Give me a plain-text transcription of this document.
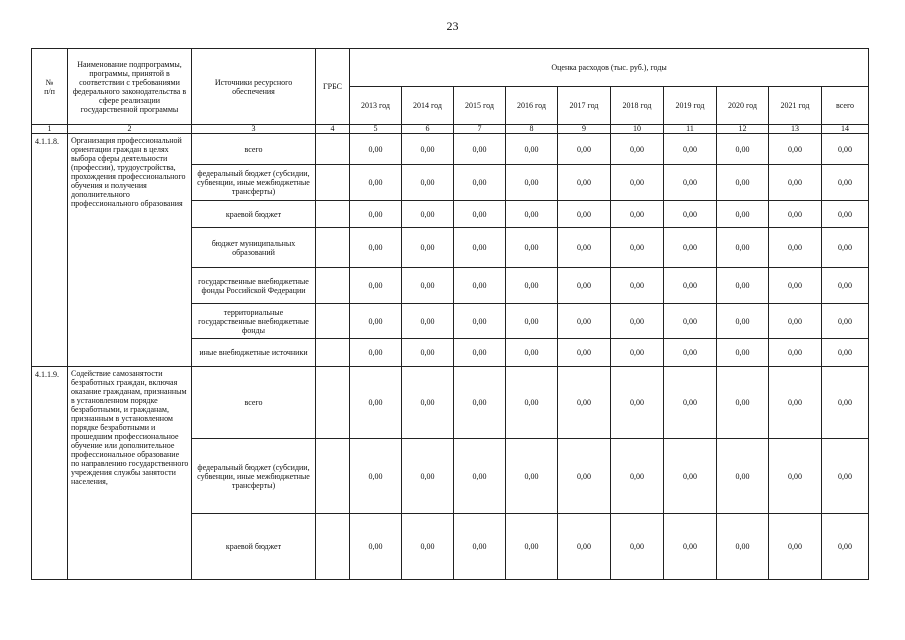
23
№
п/п	Наименование подпрограммы, программы, принятой в соответствии с требованиями федерального законодательства в сфере реализации государственной программы	Источники ресурсного обеспечения	ГРБС	Оценка расходов (тыс. руб.), годы									
				2013 год	2014 год	2015 год	2016 год	2017 год	2018 год	2019 год	2020 год	2021 год	всего
1	2	3	4	5	6	7	8	9	10	11	12	13	14
4.1.1.8.	Организация профессиональной ориентации граждан в целях выбора сферы деятельности (профессии), трудоустройства, прохождения профессионального обучения и получения дополнительного профессионального образования	всего		0,00	0,00	0,00	0,00	0,00	0,00	0,00	0,00	0,00	0,00
		федеральный бюджет (субсидии, субвенции, иные межбюджетные трансферты)		0,00	0,00	0,00	0,00	0,00	0,00	0,00	0,00	0,00	0,00
		краевой бюджет		0,00	0,00	0,00	0,00	0,00	0,00	0,00	0,00	0,00	0,00
		бюджет муниципальных образований		0,00	0,00	0,00	0,00	0,00	0,00	0,00	0,00	0,00	0,00
		государственные внебюджетные фонды Российской Федерации		0,00	0,00	0,00	0,00	0,00	0,00	0,00	0,00	0,00	0,00
		территориальные государственные внебюджетные фонды		0,00	0,00	0,00	0,00	0,00	0,00	0,00	0,00	0,00	0,00
		иные внебюджетные источники		0,00	0,00	0,00	0,00	0,00	0,00	0,00	0,00	0,00	0,00
4.1.1.9.	Содействие самозанятости безработных граждан, включая оказание гражданам, признанным в установленном порядке безработными, и гражданам, признанным в установленном порядке безработными и прошедшим профессиональное обучение или дополнительное профессиональное образование по направлению государственного учреждения службы занятости населения,	всего		0,00	0,00	0,00	0,00	0,00	0,00	0,00	0,00	0,00	0,00
		федеральный бюджет (субсидии, субвенции, иные межбюджетные трансферты)		0,00	0,00	0,00	0,00	0,00	0,00	0,00	0,00	0,00	0,00
		краевой бюджет		0,00	0,00	0,00	0,00	0,00	0,00	0,00	0,00	0,00	0,00
